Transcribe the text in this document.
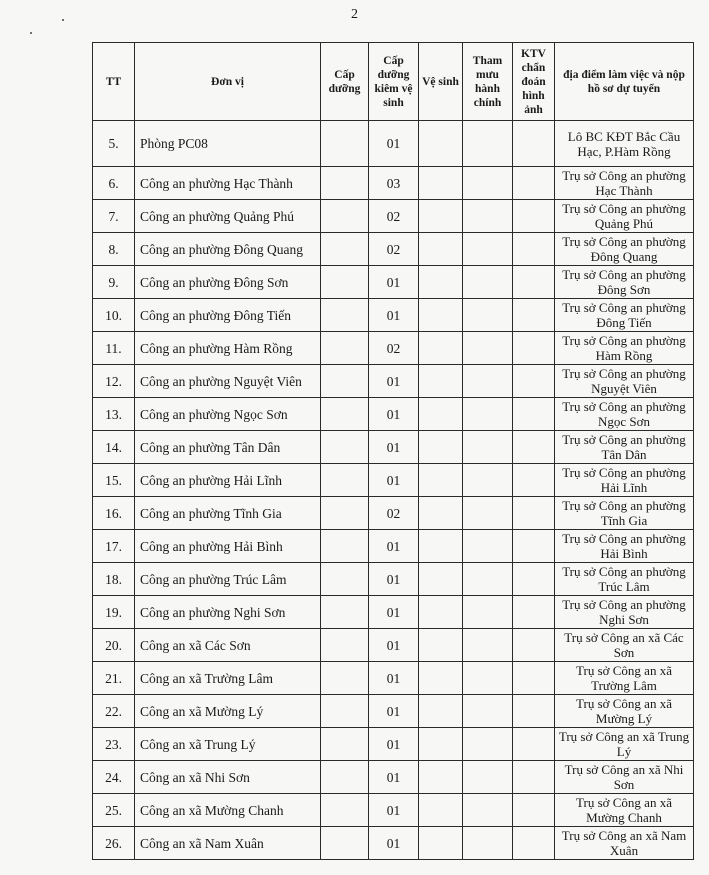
2
TT	Đơn vị	Cấp dưỡng	Cấp dưỡng kiêm vệ sinh	Vệ sinh	Tham mưu hành chính	KTV chẩn đoán hình ảnh	địa điểm làm việc và nộp hồ sơ dự tuyển
5.	Phòng PC08		01				Lô BC KĐT Bắc Cầu Hạc, P.Hàm Rồng
6.	Công an phường Hạc Thành		03				Trụ sở Công an phường Hạc Thành
7.	Công an phường Quảng Phú		02				Trụ sở Công an phường Quảng Phú
8.	Công an phường Đông Quang		02				Trụ sở Công an phường Đông Quang
9.	Công an phường Đông Sơn		01				Trụ sở Công an phường Đông Sơn
10.	Công an phường Đông Tiến		01				Trụ sở Công an phường Đông Tiến
11.	Công an phường Hàm Rồng		02				Trụ sở Công an phường Hàm Rồng
12.	Công an phường Nguyệt Viên		01				Trụ sở Công an phường Nguyệt Viên
13.	Công an phường Ngọc Sơn		01				Trụ sở Công an phường Ngọc Sơn
14.	Công an phường Tân Dân		01				Trụ sở Công an phường Tân Dân
15.	Công an phường Hải Lĩnh		01				Trụ sở Công an phường Hải Lĩnh
16.	Công an phường Tĩnh Gia		02				Trụ sở Công an phường Tĩnh Gia
17.	Công an phường Hải Bình		01				Trụ sở Công an phường Hải Bình
18.	Công an phường Trúc Lâm		01				Trụ sở Công an phường Trúc Lâm
19.	Công an phường Nghi Sơn		01				Trụ sở Công an phường Nghi Sơn
20.	Công an xã Các Sơn		01				Trụ sở Công an xã Các Sơn
21.	Công an xã Trường Lâm		01				Trụ sở Công an xã Trường Lâm
22.	Công an xã Mường Lý		01				Trụ sở Công an xã Mường Lý
23.	Công an xã Trung Lý		01				Trụ sở Công an xã Trung Lý
24.	Công an xã Nhi Sơn		01				Trụ sở Công an xã Nhi Sơn
25.	Công an xã Mường Chanh		01				Trụ sở Công an xã Mường Chanh
26.	Công an xã Nam Xuân		01				Trụ sở Công an xã Nam Xuân
